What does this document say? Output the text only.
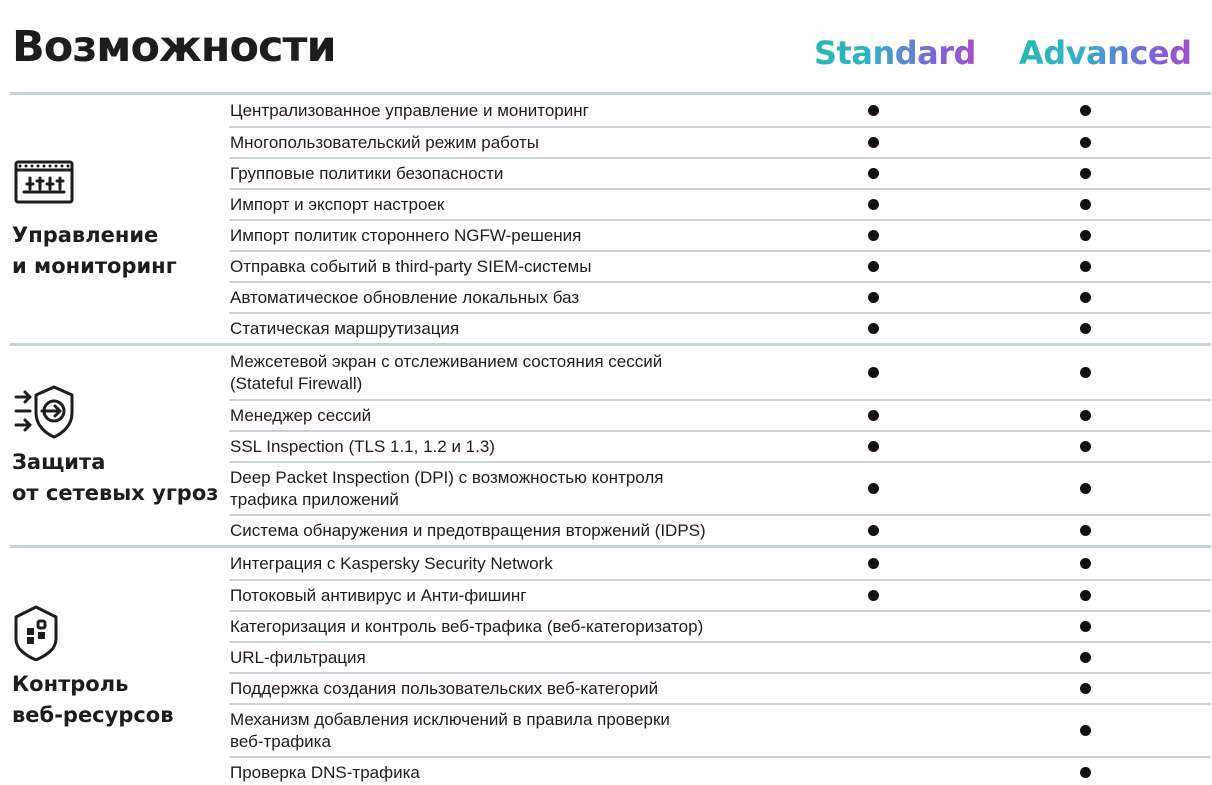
Возможности	Standard Advanced
Управление
и мониторинг
Централизованное управление и мониторинг
Многопользовательский режим работы
Групповые политики безопасности
Импорт и экспорт настроек
Импорт политик стороннего NGFW-решения
Отправка событий в third-party SIEM-системы
Автоматическое обновление локальных баз
Статическая маршрутизация
Защита
от сетевых угроз
Межсетевой экран с отслеживанием состояния сессий
(Stateful Firewall)
Менеджер сессий
SSL Inspection (TLS 1.1, 1.2 и 1.3)
Deep Packet Inspection (DPI) с возможностью контроля
трафика приложений
Система обнаружения и предотвращения вторжений (IDPS)
Контроль
веб-ресурсов
Интеграция с Kaspersky Security Network
Потоковый антивирус и Анти-фишинг
Категоризация и контроль веб-трафика (веб-категоризатор)
URL-фильтрация
Поддержка создания пользовательских веб-категорий
Механизм добавления исключений в правила проверки
веб-трафика
Проверка DNS-трафика
